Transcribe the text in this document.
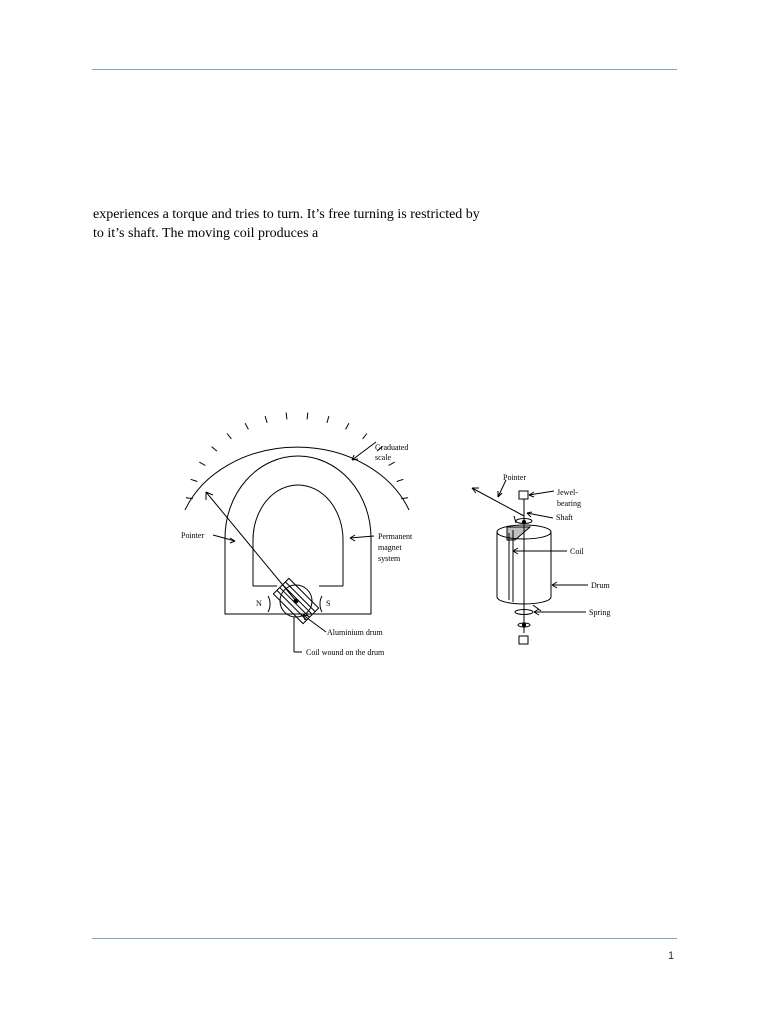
experiences a torque and tries to turn. It’s free turning is restricted by
to it’s shaft. The moving coil produces a
Graduated
scale
Pointer	Permanent
magnet
system
N	S
Aluminium drum
Coil wound on the drum
Pointer
Jewel-
bearing
Shaft
Coil
Drum
Spring
1
